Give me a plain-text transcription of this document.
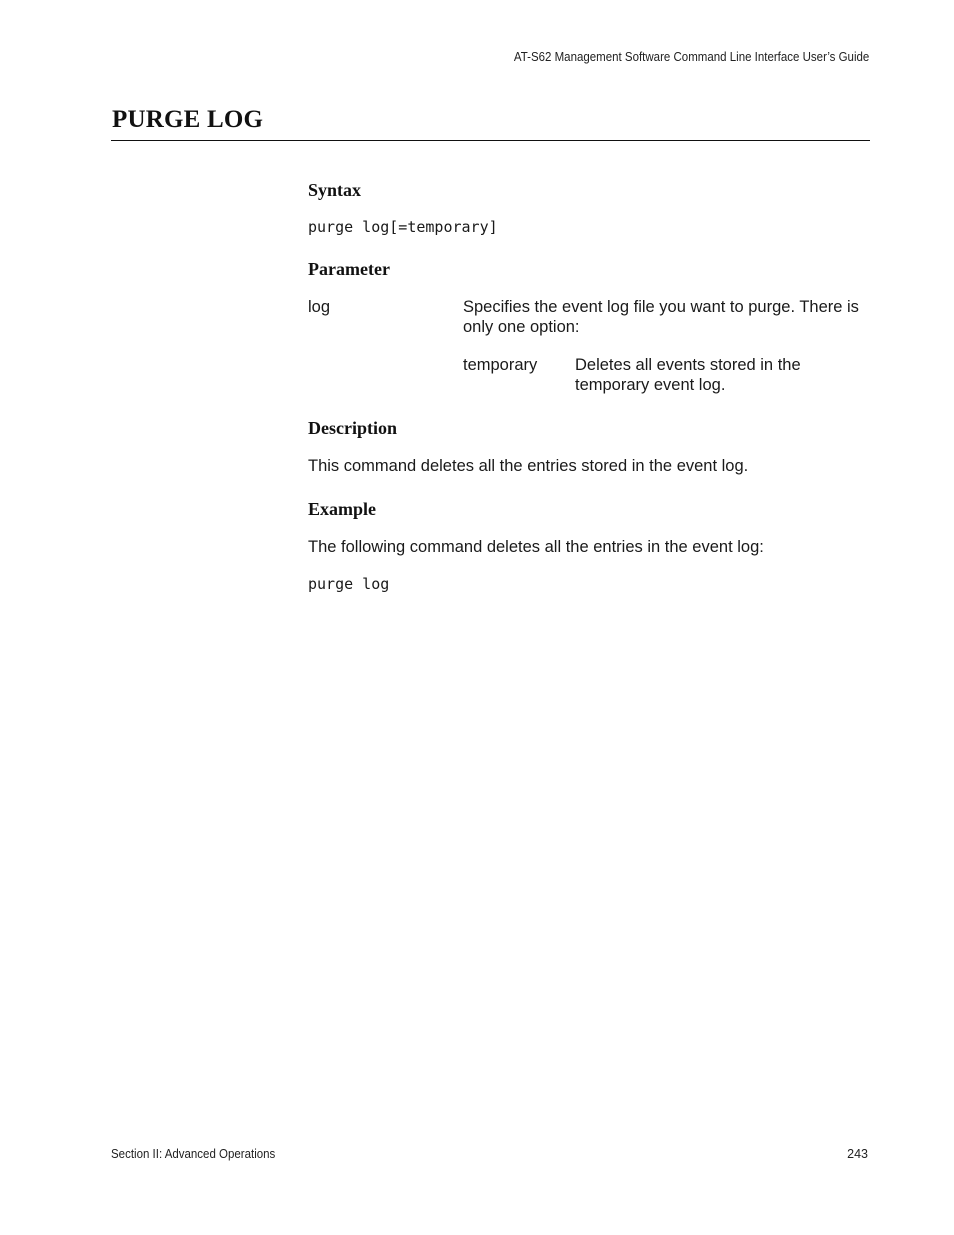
AT-S62 Management Software Command Line Interface User’s Guide
PURGE LOG
Syntax
purge log[=temporary]
Parameter
log	Specifies the event log file you want to purge. There is only one option:
temporary Deletes all events stored in the temporary event log.
Description
This command deletes all the entries stored in the event log.
Example
The following command deletes all the entries in the event log:
purge log
Section II: Advanced Operations	243
